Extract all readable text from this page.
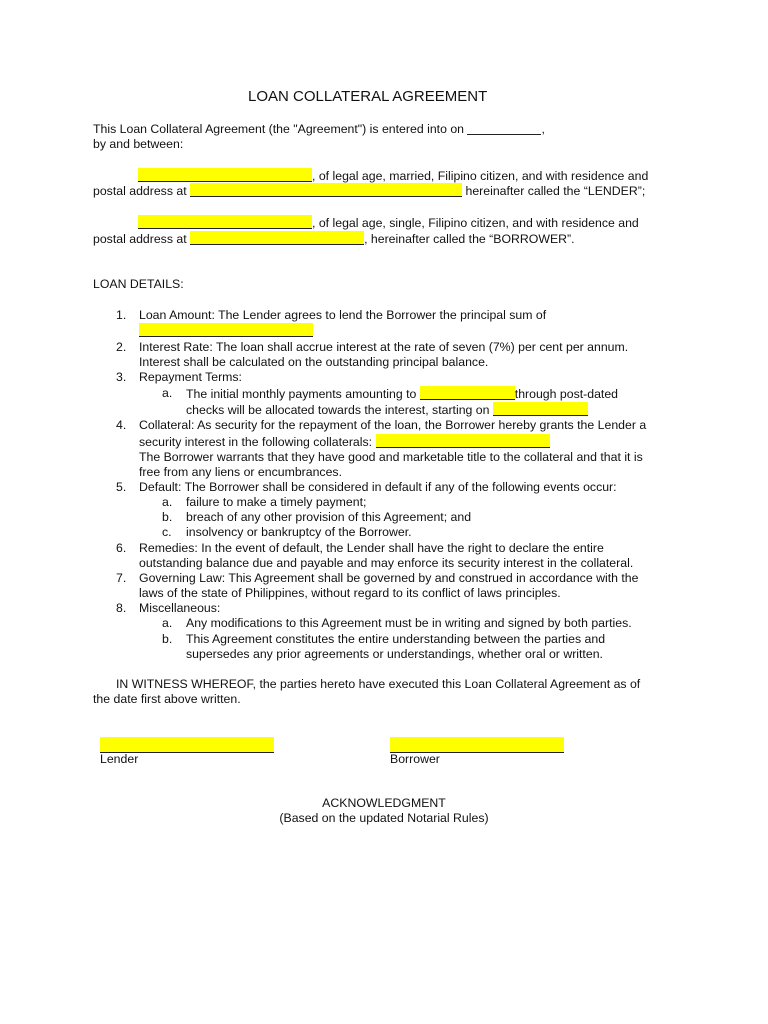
LOAN COLLATERAL AGREEMENT
This Loan Collateral Agreement (the "Agreement") is entered into on	,
by and between:
, of legal age, married, Filipino citizen, and with residence and
postal address at	hereinafter called the “LENDER”;
, of legal age, single, Filipino citizen, and with residence and
postal address at	, hereinafter called the “BORROWER”.
LOAN DETAILS:
1. Loan Amount: The Lender agrees to lend the Borrower the principal sum of
2. Interest Rate: The loan shall accrue interest at the rate of seven (7%) per cent per annum.
Interest shall be calculated on the outstanding principal balance.
3. Repayment Terms:
a. The initial monthly payments amounting to	through post-dated
checks will be allocated towards the interest, starting on
4. Collateral: As security for the repayment of the loan, the Borrower hereby grants the Lender a
security interest in the following collaterals:
The Borrower warrants that they have good and marketable title to the collateral and that it is
free from any liens or encumbrances.
5. Default: The Borrower shall be considered in default if any of the following events occur:
a. failure to make a timely payment;
b. breach of any other provision of this Agreement; and
c. insolvency or bankruptcy of the Borrower.
6. Remedies: In the event of default, the Lender shall have the right to declare the entire
outstanding balance due and payable and may enforce its security interest in the collateral.
7. Governing Law: This Agreement shall be governed by and construed in accordance with the
laws of the state of Philippines, without regard to its conflict of laws principles.
8. Miscellaneous:
a. Any modifications to this Agreement must be in writing and signed by both parties.
b. This Agreement constitutes the entire understanding between the parties and
supersedes any prior agreements or understandings, whether oral or written.
IN WITNESS WHEREOF, the parties hereto have executed this Loan Collateral Agreement as of
the date first above written.
Lender	Borrower
ACKNOWLEDGMENT
(Based on the updated Notarial Rules)
